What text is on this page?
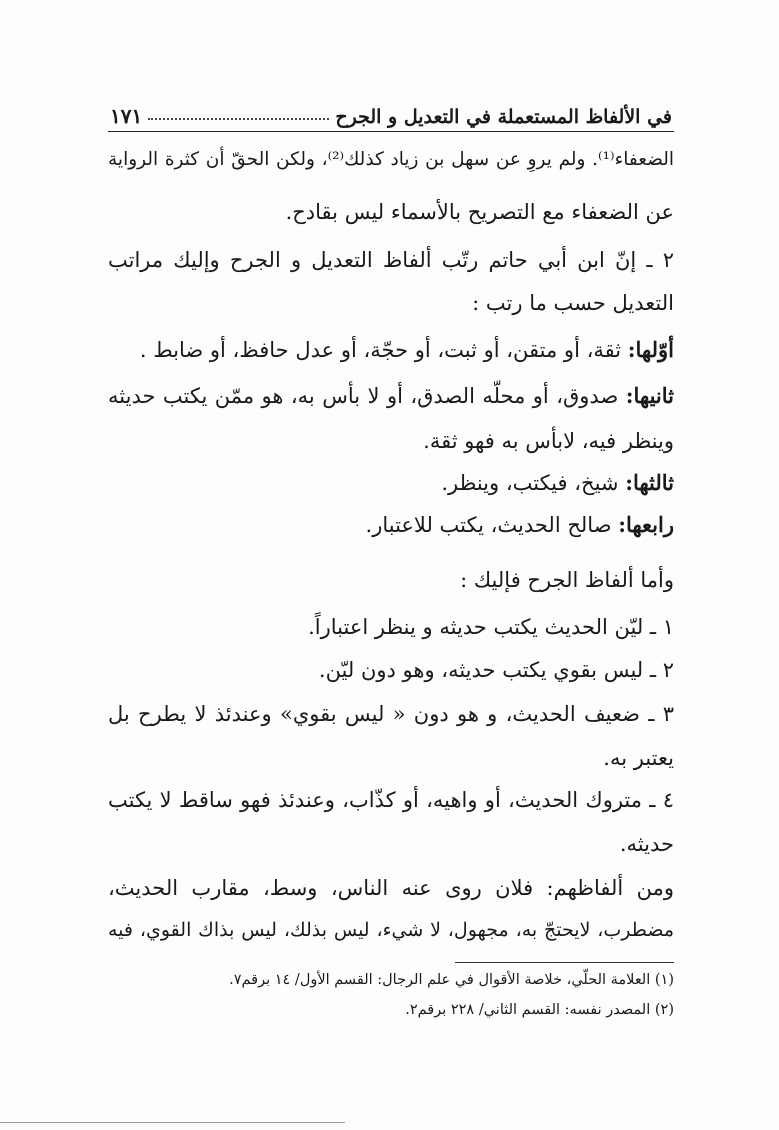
في الألفاظ المستعملة في التعديل و الجرح
١٧١
الضعفاء⁽¹⁾. ولم يروِ عن سهل بن زياد كذلك⁽²⁾، ولكن الحقّ أن كثرة الرواية
عن الضعفاء مع التصريح بالأسماء ليس بقادح.
٢ ـ إنّ ابن أبي حاتم رتّب ألفاظ التعديل و الجرح وإليك مراتب
التعديل حسب ما رتب :
أوّلها: ثقة، أو متقن، أو ثبت، أو حجّة، أو عدل حافظ، أو ضابط .
ثانيها: صدوق، أو محلّه الصدق، أو لا بأس به، هو ممّن يكتب حديثه
وينظر فيه، لابأس به فهو ثقة.
ثالثها: شيخ، فيكتب، وينظر.
رابعها: صالح الحديث، يكتب للاعتبار.
وأما ألفاظ الجرح فإليك :
١ ـ ليّن الحديث يكتب حديثه و ينظر اعتباراً.
٢ ـ ليس بقوي يكتب حديثه، وهو دون ليّن.
٣ ـ ضعيف الحديث، و هو دون « ليس بقوي» وعندئذ لا يطرح بل
يعتبر به.
٤ ـ متروك الحديث، أو واهيه، أو كذّاب، وعندئذ فهو ساقط لا يكتب
حديثه.
ومن ألفاظهم: فلان روى عنه الناس، وسط، مقارب الحديث،
مضطرب، لايحتجّ به، مجهول، لا شيء، ليس بذلك، ليس بذاك القوي، فيه
(١) العلامة الحلّي، خلاصة الأقوال في علم الرجال: القسم الأول/ ١٤ برقم٧.
(٢) المصدر نفسه: القسم الثاني/ ٢٢٨ برقم٢.
